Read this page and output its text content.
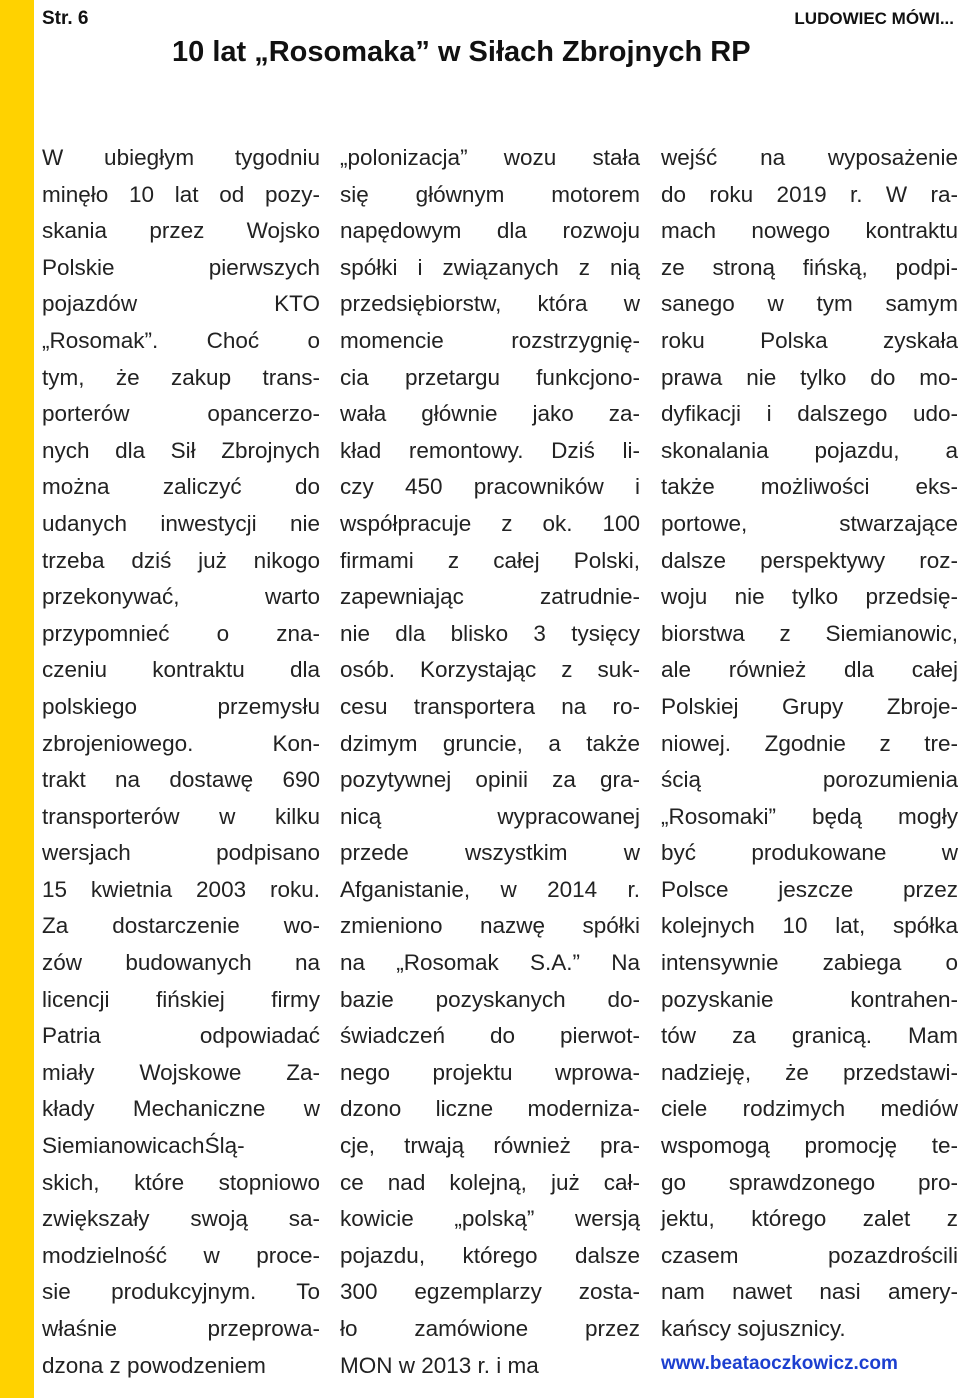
Str. 6	LUDOWIEC MÓWI...
10 lat „Rosomaka” w Siłach Zbrojnych RP
W ubiegłym tygodniu
minęło 10 lat od pozy-
skania przez Wojsko
Polskie pierwszych
pojazdów KTO
„Rosomak”. Choć o
tym, że zakup trans-
porterów opancerzo-
nych dla Sił Zbrojnych
można zaliczyć do
udanych inwestycji nie
trzeba dziś już nikogo
przekonywać, warto
przypomnieć o zna-
czeniu kontraktu dla
polskiego przemysłu
zbrojeniowego. Kon-
trakt na dostawę 690
transporterów w kilku
wersjach podpisano
15 kwietnia 2003 roku.
Za dostarczenie wo-
zów budowanych na
licencji fińskiej firmy
Patria odpowiadać
miały Wojskowe Za-
kłady Mechaniczne w
SiemianowicachŚlą-
skich, które stopniowo
zwiększały swoją sa-
modzielność w proce-
sie produkcyjnym. To
właśnie przeprowa-
dzona z powodzeniem
„polonizacja” wozu stała
się głównym motorem
napędowym dla rozwoju
spółki i związanych z nią
przedsiębiorstw, która w
momencie rozstrzygnię-
cia przetargu funkcjono-
wała głównie jako za-
kład remontowy. Dziś li-
czy 450 pracowników i
współpracuje z ok. 100
firmami z całej Polski,
zapewniając zatrudnie-
nie dla blisko 3 tysięcy
osób. Korzystając z suk-
cesu transportera na ro-
dzimym gruncie, a także
pozytywnej opinii za gra-
nicą wypracowanej
przede wszystkim w
Afganistanie, w 2014 r.
zmieniono nazwę spółki
na „Rosomak S.A.” Na
bazie pozyskanych do-
świadczeń do pierwot-
nego projektu wprowa-
dzono liczne modernizа-
cje, trwają również pra-
ce nad kolejną, już cał-
kowicie „polską” wersją
pojazdu, którego dalsze
300 egzemplarzy zosta-
ło zamówione przez
MON w 2013 r. i ma
wejść na wyposażenie
do roku 2019 r. W ra-
mach nowego kontraktu
ze stroną fińską, podpi-
sanego w tym samym
roku Polska zyskała
prawa nie tylko do mo-
dyfikacji i dalszego udo-
skonalania pojazdu, a
także możliwości eks-
portowe, stwarzające
dalsze perspektywy roz-
woju nie tylko przedsię-
biorstwa z Siemianowic,
ale również dla całej
Polskiej Grupy Zbroje-
niowej. Zgodnie z tre-
ścią porozumienia
„Rosomaki” będą mogły
być produkowane w
Polsce jeszcze przez
kolejnych 10 lat, spółka
intensywnie zabiega o
pozyskanie kontrahen-
tów za granicą. Mam
nadzieję, że przedstawi-
ciele rodzimych mediów
wspomogą promocję te-
go sprawdzonego pro-
jektu, którego zalet z
czasem pozazdrościli
nam nawet nasi amery-
kańscy sojusznicy.
www.beataoczkowicz.com
